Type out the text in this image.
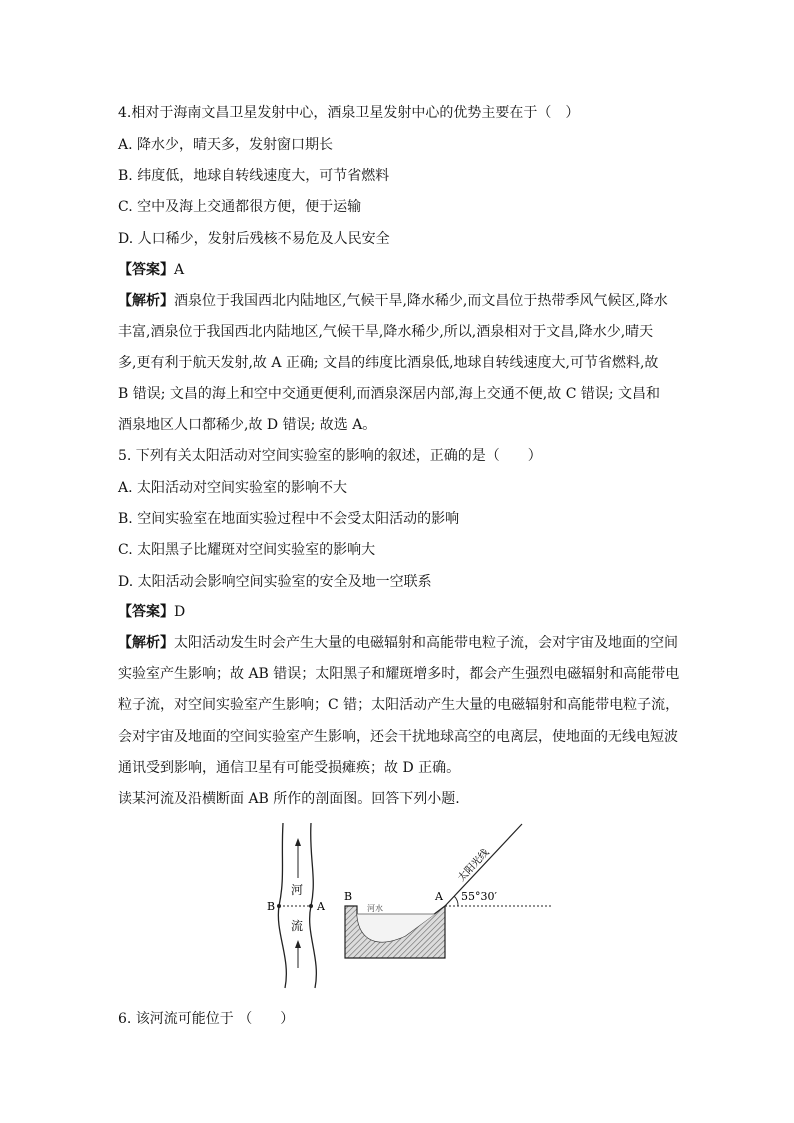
4.相对于海南文昌卫星发射中心，酒泉卫星发射中心的优势主要在于（　）
A. 降水少，晴天多，发射窗口期长
B. 纬度低，地球自转线速度大，可节省燃料
C. 空中及海上交通都很方便，便于运输
D. 人口稀少，发射后残核不易危及人民安全
【答案】A
【解析】酒泉位于我国西北内陆地区,气候干旱,降水稀少,而文昌位于热带季风气候区,降水
丰富,酒泉位于我国西北内陆地区,气候干旱,降水稀少,所以,酒泉相对于文昌,降水少,晴天
多,更有利于航天发射,故 A 正确; 文昌的纬度比酒泉低,地球自转线速度大,可节省燃料,故
B 错误; 文昌的海上和空中交通更便利,而酒泉深居内部,海上交通不便,故 C 错误; 文昌和
酒泉地区人口都稀少,故 D 错误; 故选 A。
5. 下列有关太阳活动对空间实验室的影响的叙述，正确的是（　　）
A. 太阳活动对空间实验室的影响不大
B. 空间实验室在地面实验过程中不会受太阳活动的影响
C. 太阳黑子比耀斑对空间实验室的影响大
D. 太阳活动会影响空间实验室的安全及地一空联系
【答案】D
【解析】太阳活动发生时会产生大量的电磁辐射和高能带电粒子流，会对宇宙及地面的空间
实验室产生影响；故 AB 错误；太阳黑子和耀斑增多时，都会产生强烈电磁辐射和高能带电
粒子流，对空间实验室产生影响；C 错；太阳活动产生大量的电磁辐射和高能带电粒子流，
会对宇宙及地面的空间实验室产生影响，还会干扰地球高空的电离层，使地面的无线电短波
通讯受到影响，通信卫星有可能受损瘫痪；故 D 正确。
读某河流及沿横断面 AB 所作的剖面图。回答下列小题.
B	A
河
流
河水
B	A 55°30′
太阳光线
6. 该河流可能位于 （　　）
